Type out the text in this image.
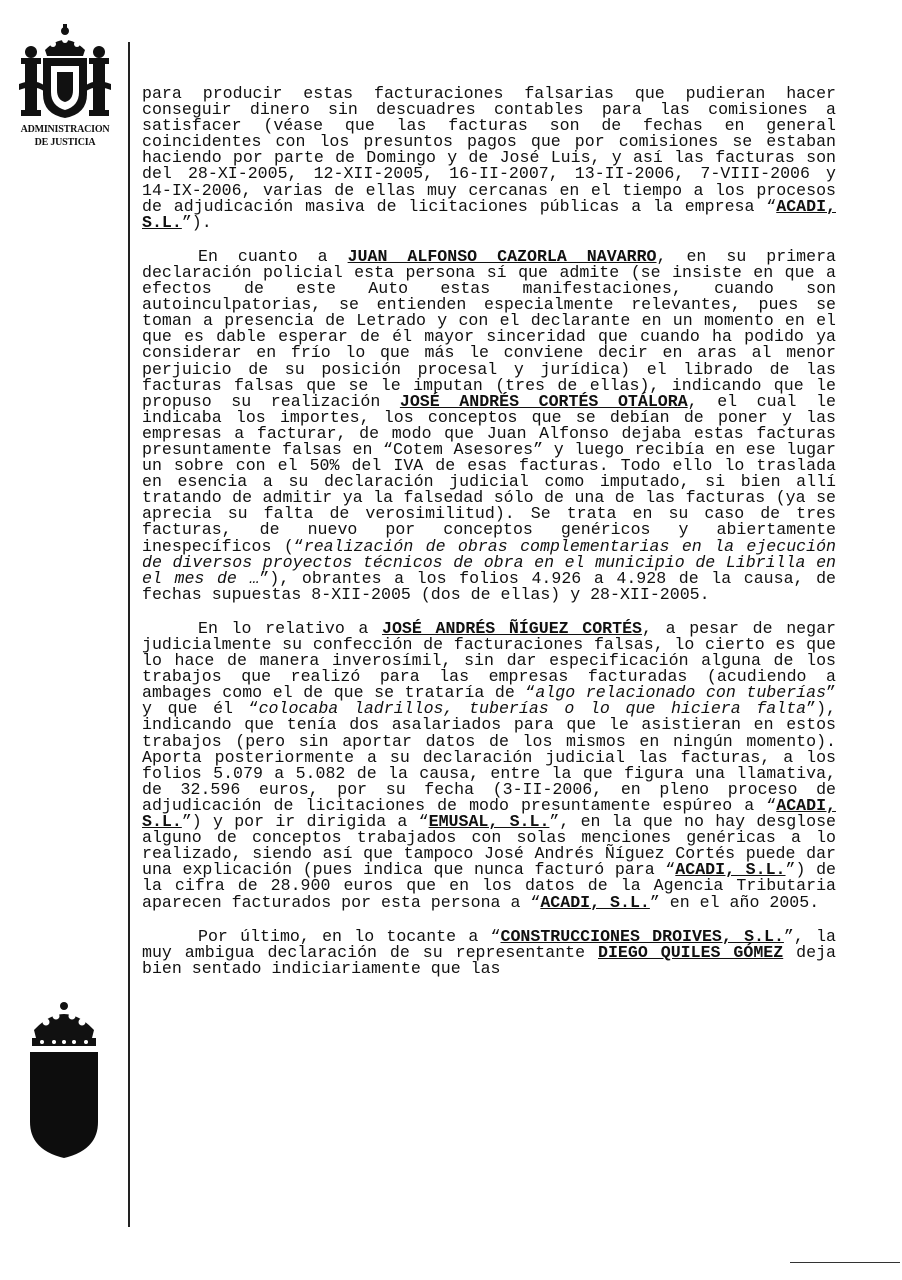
ADMINISTRACION
DE JUSTICIA

para producir estas facturaciones falsarias que pudieran hacer conseguir dinero sin descuadres contables para las comisiones a satisfacer (véase que las facturas son de fechas en general coincidentes con los presuntos pagos que por comisiones se estaban haciendo por parte de Domingo y de José Luis, y así las facturas son del 28-XI-2005, 12-XII-2005, 16-II-2007, 13-II-2006, 7-VIII-2006 y 14-IX-2006, varias de ellas muy cercanas en el tiempo a los procesos de adjudicación masiva de licitaciones públicas a la empresa “ACADI, S.L.”).

En cuanto a JUAN ALFONSO CAZORLA NAVARRO, en su primera declaración policial esta persona sí que admite (se insiste en que a efectos de este Auto estas manifestaciones, cuando son autoinculpatorias, se entienden especialmente relevantes, pues se toman a presencia de Letrado y con el declarante en un momento en el que es dable esperar de él mayor sinceridad que cuando ha podido ya considerar en frío lo que más le conviene decir en aras al menor perjuicio de su posición procesal y jurídica) el librado de las facturas falsas que se le imputan (tres de ellas), indicando que le propuso su realización JOSÉ ANDRÉS CORTÉS OTÁLORA, el cual le indicaba los importes, los conceptos que se debían de poner y las empresas a facturar, de modo que Juan Alfonso dejaba estas facturas presuntamente falsas en “Cotem Asesores” y luego recibía en ese lugar un sobre con el 50% del IVA de esas facturas. Todo ello lo traslada en esencia a su declaración judicial como imputado, si bien allí tratando de admitir ya la falsedad sólo de una de las facturas (ya se aprecia su falta de verosimilitud). Se trata en su caso de tres facturas, de nuevo por conceptos genéricos y abiertamente inespecíficos (“realización de obras complementarias en la ejecución de diversos proyectos técnicos de obra en el municipio de Librilla en el mes de …”), obrantes a los folios 4.926 a 4.928 de la causa, de fechas supuestas 8-XII-2005 (dos de ellas) y 28-XII-2005.

En lo relativo a JOSÉ ANDRÉS ÑÍGUEZ CORTÉS, a pesar de negar judicialmente su confección de facturaciones falsas, lo cierto es que lo hace de manera inverosímil, sin dar especificación alguna de los trabajos que realizó para las empresas facturadas (acudiendo a ambages como el de que se trataría de “algo relacionado con tuberías” y que él “colocaba ladrillos, tuberías o lo que hiciera falta”), indicando que tenía dos asalariados para que le asistieran en estos trabajos (pero sin aportar datos de los mismos en ningún momento). Aporta posteriormente a su declaración judicial las facturas, a los folios 5.079 a 5.082 de la causa, entre la que figura una llamativa, de 32.596 euros, por su fecha (3-II-2006, en pleno proceso de adjudicación de licitaciones de modo presuntamente espúreo a “ACADI, S.L.”) y por ir dirigida a “EMUSAL, S.L.”, en la que no hay desglose alguno de conceptos trabajados con solas menciones genéricas a lo realizado, siendo así que tampoco José Andrés Ñíguez Cortés puede dar una explicación (pues indica que nunca facturó para “ACADI, S.L.”) de la cifra de 28.900 euros que en los datos de la Agencia Tributaria aparecen facturados por esta persona a “ACADI, S.L.” en el año 2005.

Por último, en lo tocante a “CONSTRUCCIONES DROIVES, S.L.”, la muy ambigua declaración de su representante DIEGO QUILES GÓMEZ deja bien sentado indiciariamente que las
